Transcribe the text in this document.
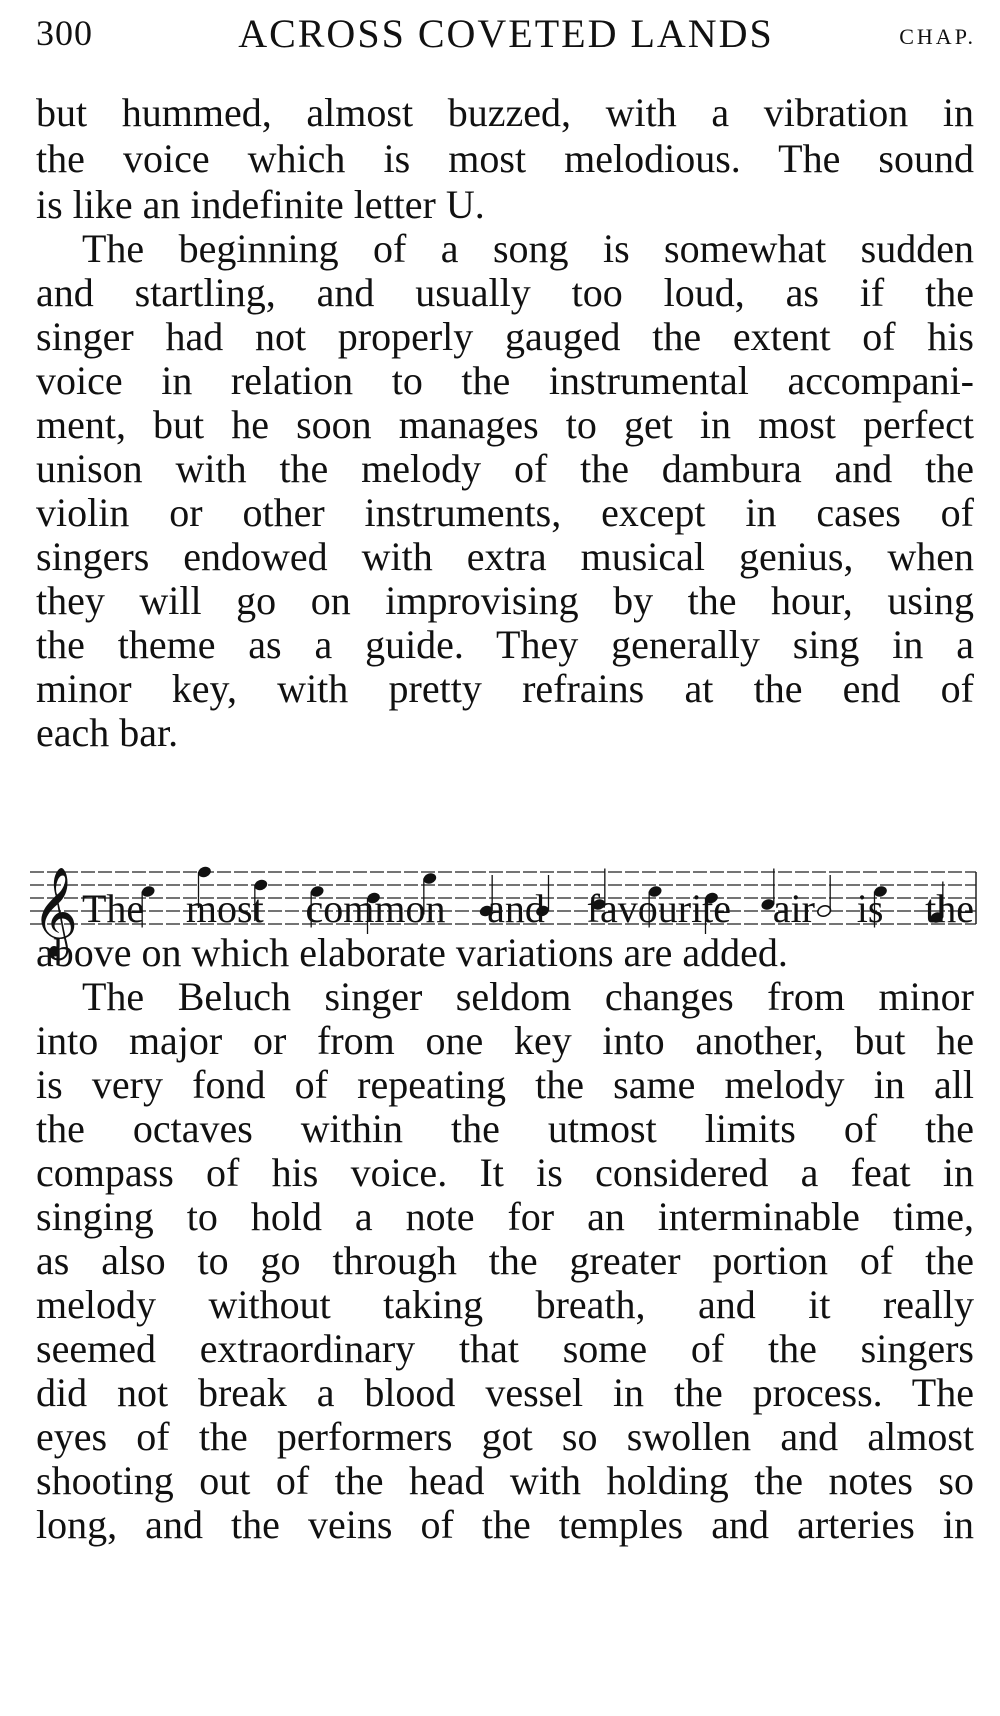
300	ACROSS COVETED LANDS	CHAP.
but hummed, almost buzzed, with a vibration in
the voice which is most melodious. The sound
is like an indefinite letter U.
The beginning of a song is somewhat sudden
and startling, and usually too loud, as if the
singer had not properly gauged the extent of his
voice in relation to the instrumental accompani-
ment, but he soon manages to get in most perfect
unison with the melody of the dambura and the
violin or other instruments, except in cases of
singers endowed with extra musical genius, when
they will go on improvising by the hour, using
the theme as a guide. They generally sing in a
minor key, with pretty refrains at the end of
each bar.
𝄞 The most common and favourite air is the
above on which elaborate variations are added.
The Beluch singer seldom changes from minor
into major or from one key into another, but he
is very fond of repeating the same melody in all
the octaves within the utmost limits of the
compass of his voice. It is considered a feat in
singing to hold a note for an interminable time,
as also to go through the greater portion of the
melody without taking breath, and it really
seemed extraordinary that some of the singers
did not break a blood vessel in the process. The
eyes of the performers got so swollen and almost
shooting out of the head with holding the notes so
long, and the veins of the temples and arteries in
